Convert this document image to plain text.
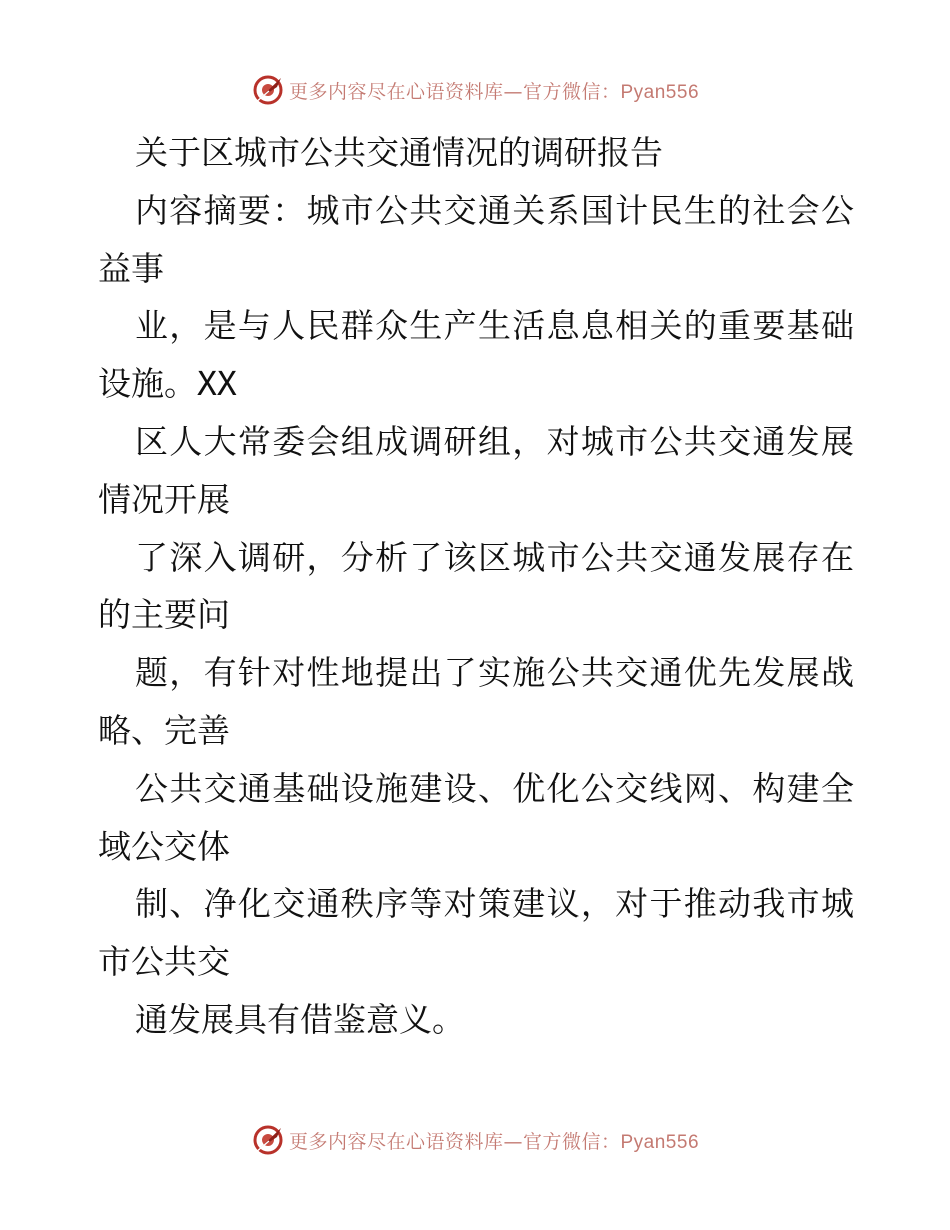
更多内容尽在心语资料库—官方微信：Pyan556
关于区城市公共交通情况的调研报告
内 容 摘 要 ： 城 市 公 共 交 通 关 系 国 计 民 生 的 社 会 公
益事
业 ， 是 与 人 民 群 众 生 产 生 活 息 息 相 关 的 重 要 基 础
设施。XX
区 人 大 常 委 会 组 成 调 研 组 ， 对 城 市 公 共 交 通 发 展
情况开展
了 深 入 调 研 ， 分 析 了 该 区 城 市 公 共 交 通 发 展 存 在
的主要问
题 ， 有 针 对 性 地 提 出 了 实 施 公 共 交 通 优 先 发 展 战
略、完善
公 共 交 通 基 础 设 施 建 设 、 优 化 公 交 线 网 、 构 建 全
域公交体
制 、 净 化 交 通 秩 序 等 对 策 建 议 ， 对 于 推 动 我 市 城
市公共交
通发展具有借鉴意义。
更多内容尽在心语资料库—官方微信：Pyan556
